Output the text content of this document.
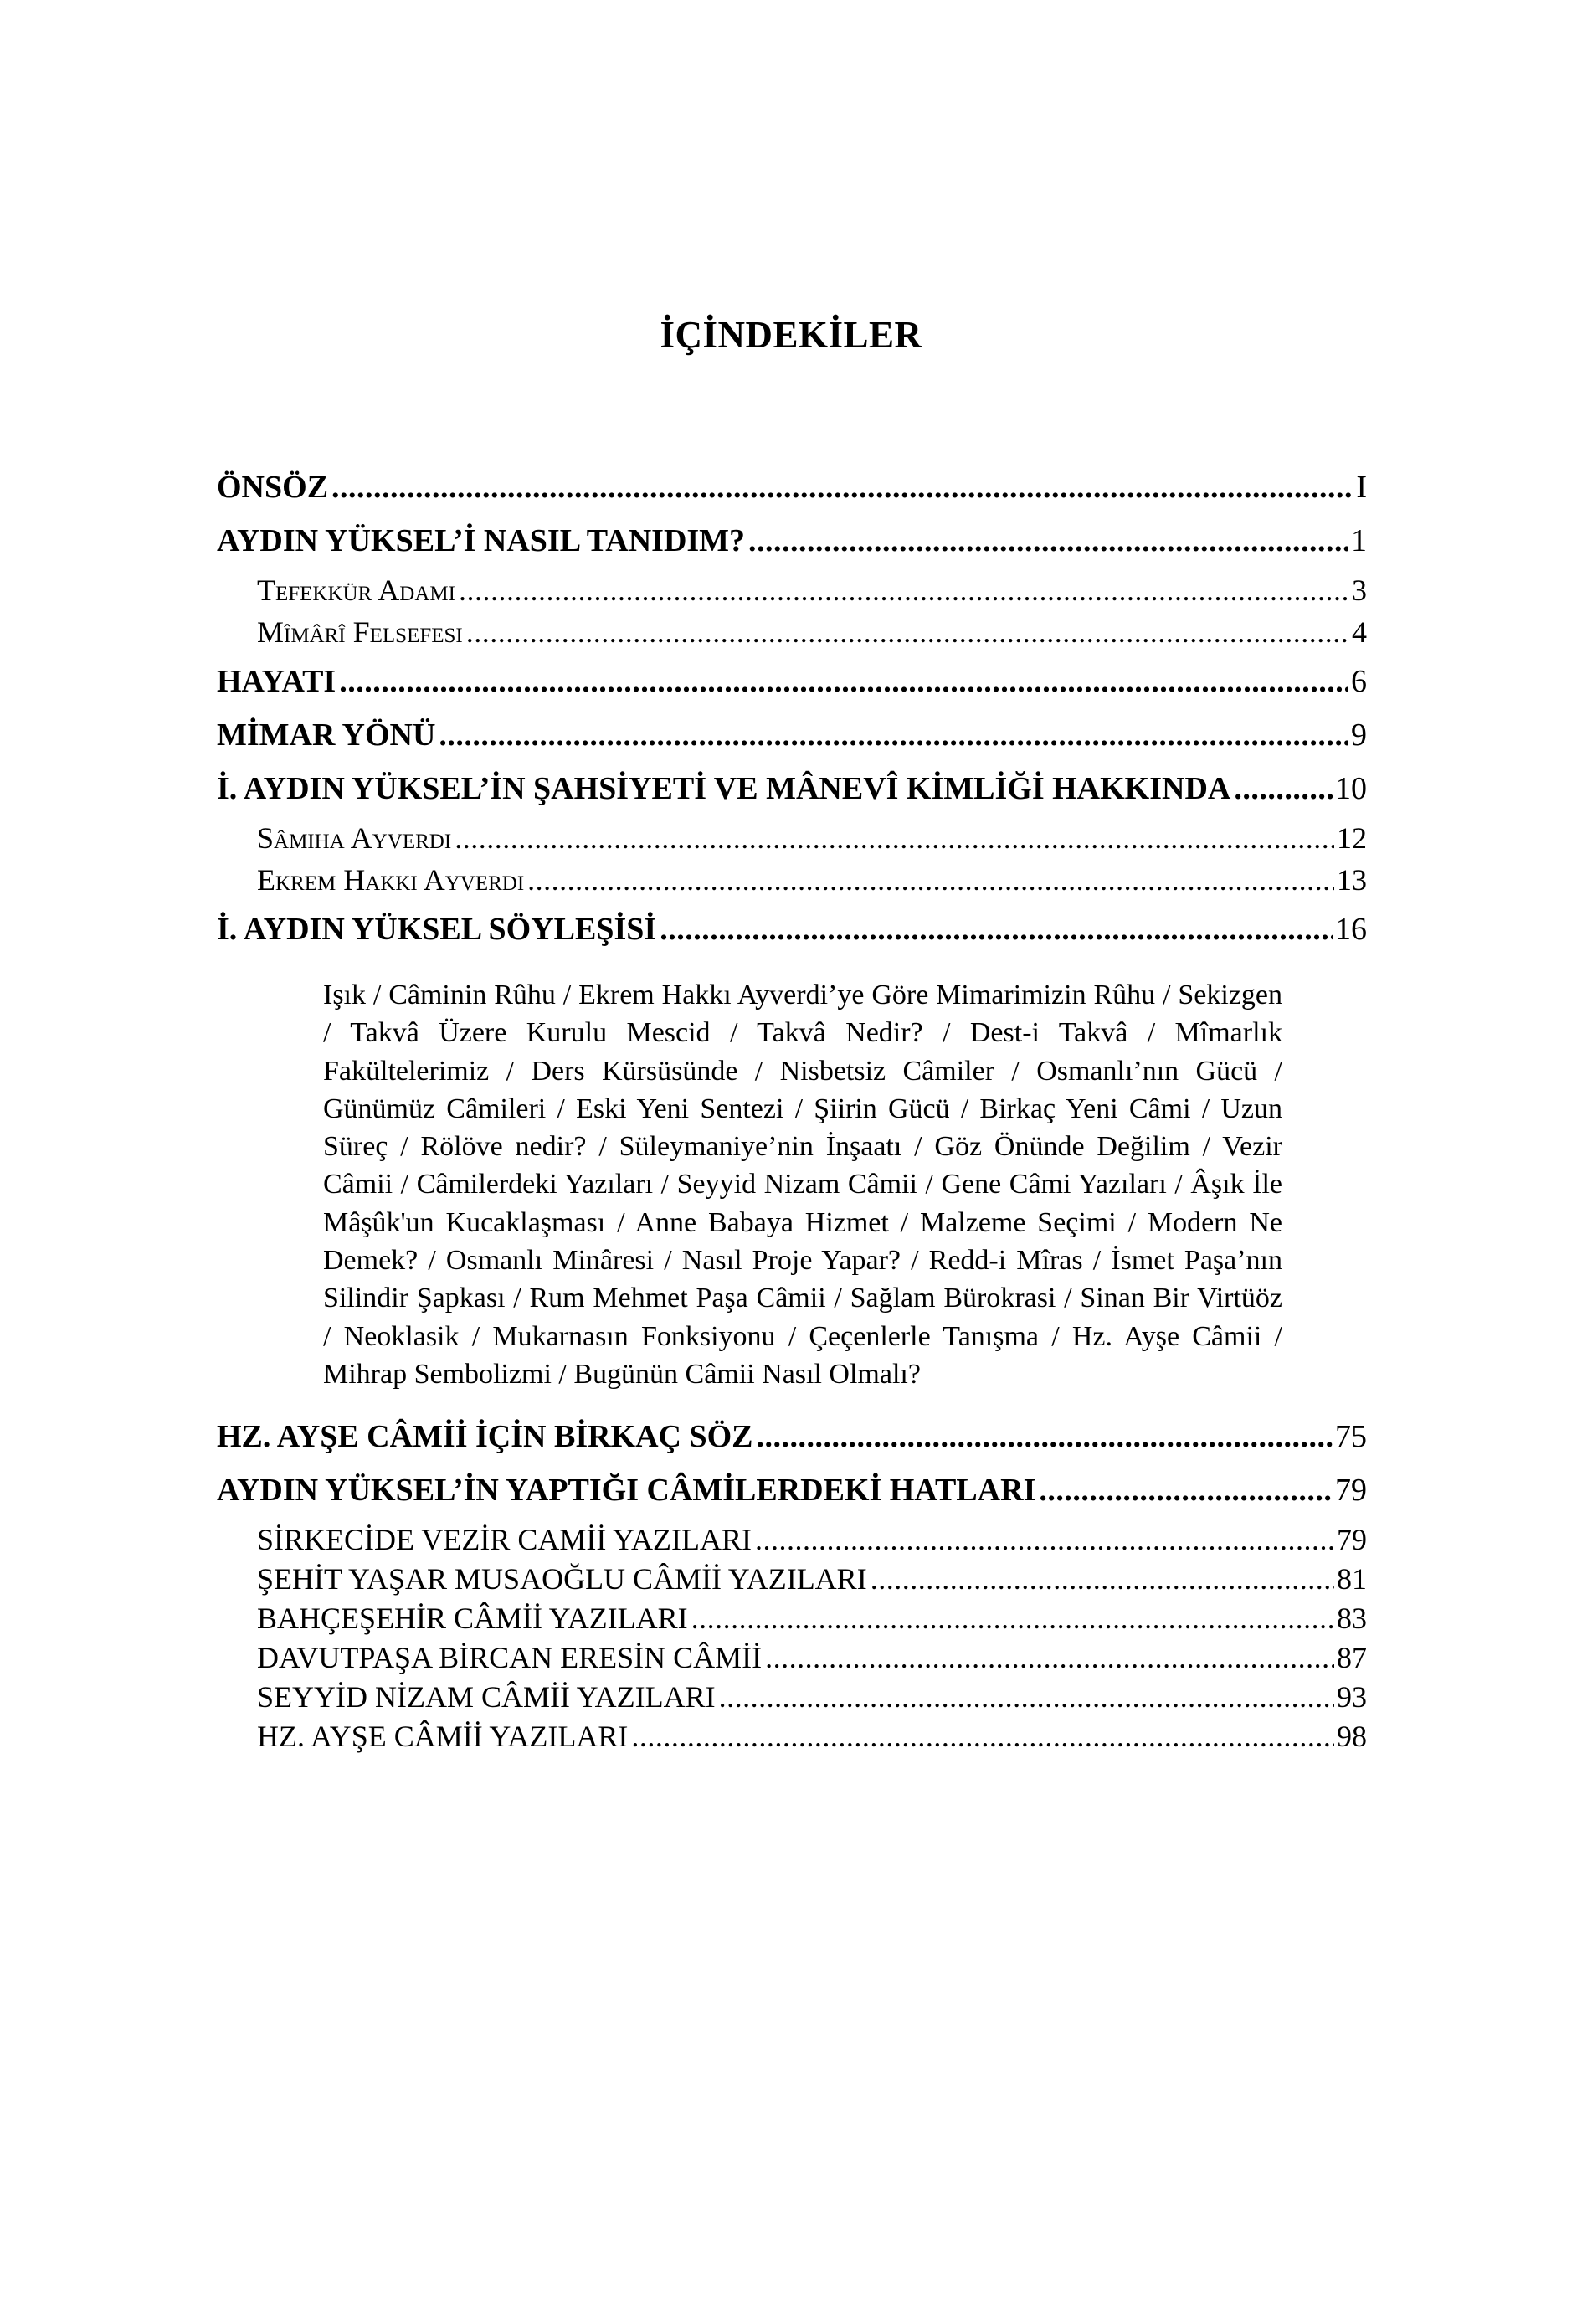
İÇİNDEKİLER
ÖNSÖZ .....	I
AYDIN YÜKSEL’İ NASIL TANIDIM? .....	1
Tefekkür Adami .....	3
Mîmârî Felsefesi .....	4
HAYATI .....	6
MİMAR YÖNÜ .....	9
İ. AYDIN YÜKSEL’İN ŞAHSİYETİ VE MÂNEVÎ KİMLİĞİ HAKKINDA .....	10
Sâmiha Ayverdi .....	12
Ekrem Hakki Ayverdi .....	13
İ. AYDIN YÜKSEL SÖYLEŞİSİ .....	16
Işık / Câminin Rûhu / Ekrem Hakkı Ayverdi’ye Göre Mimarimizin Rûhu / Sekizgen / Takvâ Üzere Kurulu Mescid / Takvâ Nedir? / Dest-i Takvâ / Mîmarlık Fakültelerimiz / Ders Kürsüsünde / Nisbetsiz Câmiler / Osmanlı’nın Gücü / Günümüz Câmileri / Eski Yeni Sentezi / Şiirin Gücü / Birkaç Yeni Câmi / Uzun Süreç / Rölöve nedir? / Süleymaniye’nin İnşaatı / Göz Önünde Değilim / Vezir Câmii / Câmilerdeki Yazıları / Seyyid Nizam Câmii / Gene Câmi Yazıları / Âşık İle Mâşûk'un Kucaklaşması / Anne Babaya Hizmet / Malzeme Seçimi / Modern Ne Demek? / Osmanlı Minâresi / Nasıl Proje Yapar? / Redd-i Mîras / İsmet Paşa’nın Silindir Şapkası / Rum Mehmet Paşa Câmii / Sağlam Bürokrasi / Sinan Bir Virtüöz / Neoklasik / Mukarnasın Fonksiyonu / Çeçenlerle Tanışma / Hz. Ayşe Câmii / Mihrap Sembolizmi / Bugünün Câmii Nasıl Olmalı?
HZ. AYŞE CÂMİİ İÇİN BİRKAÇ SÖZ .....	75
AYDIN YÜKSEL’İN YAPTIĞI CÂMİLERDEKİ HATLARI .....	79
SİRKECİDE VEZİR CAMİİ YAZILARI .....	79
ŞEHİT YAŞAR MUSAOĞLU CÂMİİ YAZILARI .....	81
BAHÇEŞEHİR CÂMİİ YAZILARI .....	83
DAVUTPAŞA BİRCAN ERESİN CÂMİİ .....	87
SEYYİD NİZAM CÂMİİ YAZILARI .....	93
HZ. AYŞE CÂMİİ YAZILARI .....	98
